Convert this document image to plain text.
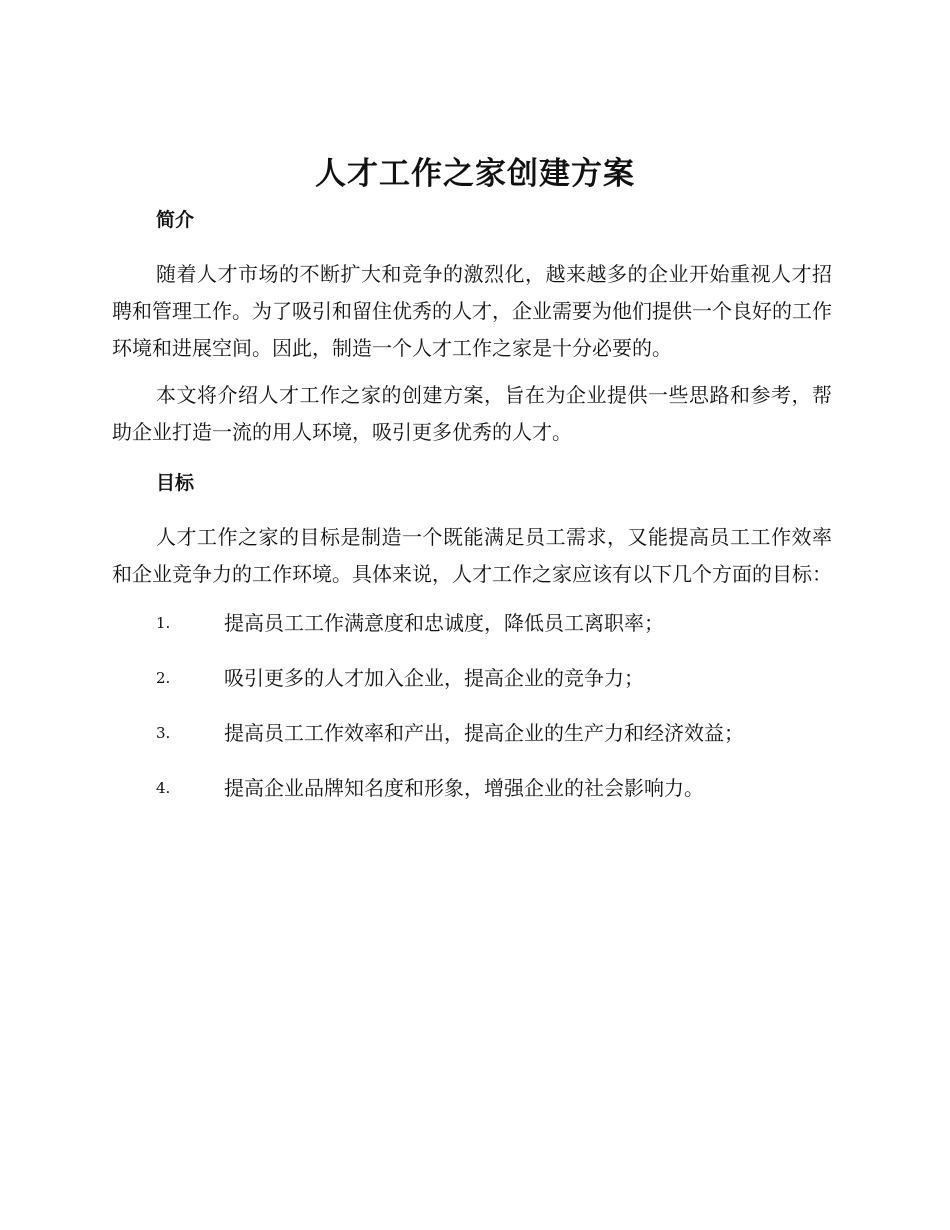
人才工作之家创建方案
简介

随着人才市场的不断扩大和竞争的激烈化，越来越多的企业开始重视人才招聘和管理工作。为了吸引和留住优秀的人才，企业需要为他们提供一个良好的工作环境和进展空间。因此，制造一个人才工作之家是十分必要的。

本文将介绍人才工作之家的创建方案，旨在为企业提供一些思路和参考，帮助企业打造一流的用人环境，吸引更多优秀的人才。

目标

人才工作之家的目标是制造一个既能满足员工需求，又能提高员工工作效率和企业竞争力的工作环境。具体来说，人才工作之家应该有以下几个方面的目标：

1.	提高员工工作满意度和忠诚度，降低员工离职率；
2.	吸引更多的人才加入企业，提高企业的竞争力；
3.	提高员工工作效率和产出，提高企业的生产力和经济效益；
4.	提高企业品牌知名度和形象，增强企业的社会影响力。
